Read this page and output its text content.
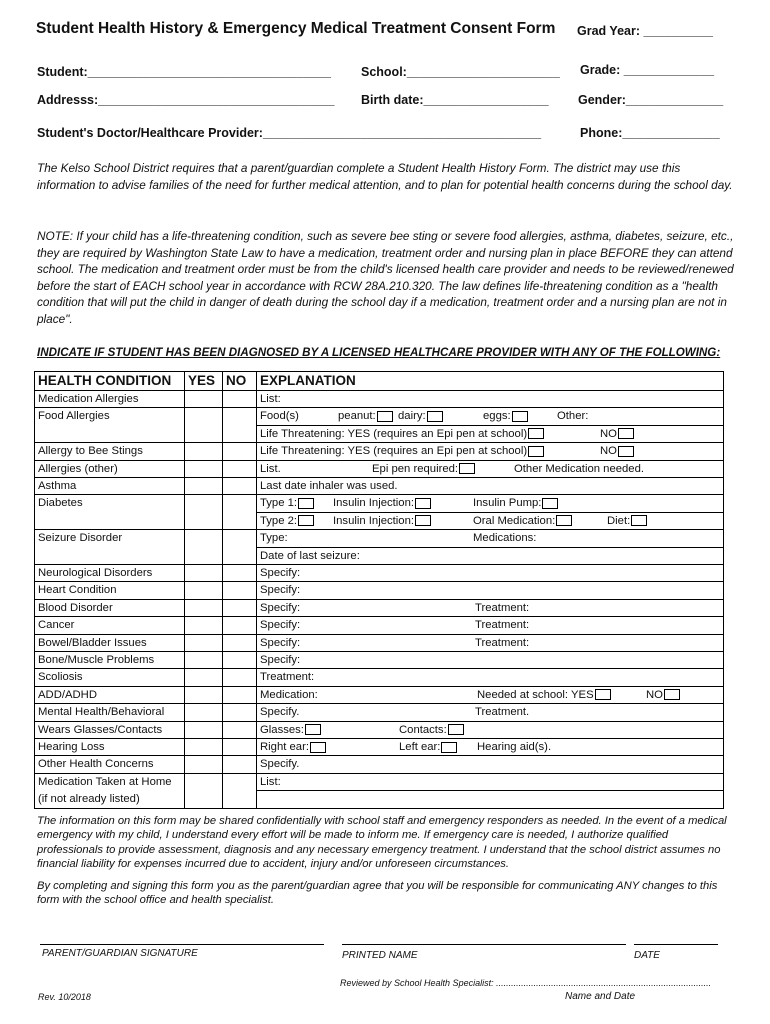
Student Health History & Emergency Medical Treatment Consent Form Grad Year: __________
Student:___________________________________ School:______________________ Grade: _____________
Addresss:__________________________________ Birth date:__________________ Gender:______________
Student's Doctor/Healthcare Provider:________________________________________	Phone:______________
The Kelso School District requires that a parent/guardian complete a Student Health History Form. The district may use this information to advise families of the need for further medical attention, and to plan for potential health concerns during the school day.
NOTE: If your child has a life-threatening condition, such as severe bee sting or severe food allergies, asthma, diabetes, seizure, etc., they are required by Washington State Law to have a medication, treatment order and nursing plan in place BEFORE they can attend school. The medication and treatment order must be from the child's licensed health care provider and needs to be reviewed/renewed before the start of EACH school year in accordance with RCW 28A.210.320. The law defines life-threatening condition as a "health condition that will put the child in danger of death during the school day if a medication, treatment order and a nursing plan are not in place".
INDICATE IF STUDENT HAS BEEN DIAGNOSED BY A LICENSED HEALTHCARE PROVIDER WITH ANY OF THE FOLLOWING:
HEALTH CONDITION	YES	NO	EXPLANATION
Medication Allergies			List:

Food Allergies			Food(s) peanut: dairy: eggs: Other:

			Life Threatening: YES (requires an Epi pen at school) NO

Allergy to Bee Stings			Life Threatening: YES (requires an Epi pen at school) NO

Allergies (other)			List. Epi pen required: Other Medication needed.

Asthma			Last date inhaler was used.

Diabetes			Type 1: Insulin Injection: Insulin Pump:

			Type 2: Insulin Injection: Oral Medication: Diet:

Seizure Disorder			Type: Medications:

			Date of last seizure:

Neurological Disorders			Specify:

Heart Condition			Specify:

Blood Disorder			Specify: Treatment:

Cancer			Specify: Treatment:

Bowel/Bladder Issues			Specify: Treatment:

Bone/Muscle Problems			Specify:

Scoliosis			Treatment:

ADD/ADHD			Medication: Needed at school: YES NO

Mental Health/Behavioral			Specify. Treatment.

Wears Glasses/Contacts			Glasses: Contacts:

Hearing Loss			Right ear: Left ear: Hearing aid(s).

Other Health Concerns			Specify.

Medication Taken at Home			List:

(if not already listed)			
The information on this form may be shared confidentially with school staff and emergency responders as needed. In the event of a medical emergency with my child, I understand every effort will be made to inform me. If emergency care is needed, I authorize qualified professionals to provide assessment, diagnosis and any necessary emergency treatment. I understand that the school district assumes no financial liability for expenses incurred due to accident, injury and/or unforeseen circumstances.
By completing and signing this form you as the parent/guardian agree that you will be responsible for communicating ANY changes to this form with the school office and health specialist.
PARENT/GUARDIAN SIGNATURE	PRINTED NAME	DATE
Reviewed by School Health Specialist: ......................................................................................
Name and Date
Rev. 10/2018
